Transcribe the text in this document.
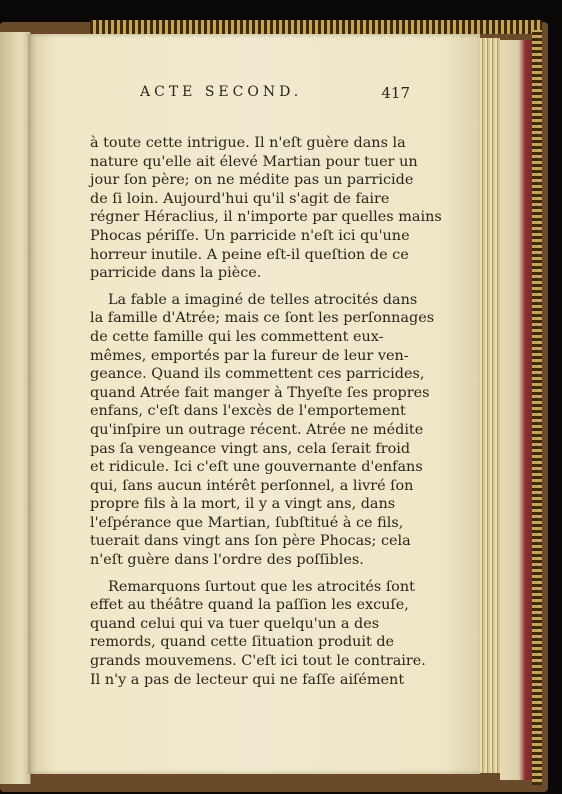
ACTE SECOND.	417
à toute cette intrigue. Il n'eſt guère dans la
nature qu'elle ait élevé Martian pour tuer un
jour ſon père; on ne médite pas un parricide
de ſi loin. Aujourd'hui qu'il s'agit de faire
régner Héraclius, il n'importe par quelles mains
Phocas périſſe. Un parricide n'eſt ici qu'une
horreur inutile. A peine eſt-il queſtion de ce
parricide dans la pièce.
La fable a imaginé de telles atrocités dans
la famille d'Atrée; mais ce ſont les perſonnages
de cette famille qui les commettent eux-
mêmes, emportés par la fureur de leur ven-
geance. Quand ils commettent ces parricides,
quand Atrée fait manger à Thyeſte ſes propres
enfans, c'eſt dans l'excès de l'emportement
qu'inſpire un outrage récent. Atrée ne médite
pas ſa vengeance vingt ans, cela ſerait froid
et ridicule. Ici c'eſt une gouvernante d'enfans
qui, ſans aucun intérêt perſonnel, a livré ſon
propre fils à la mort, il y a vingt ans, dans
l'eſpérance que Martian, ſubſtitué à ce fils,
tuerait dans vingt ans ſon père Phocas; cela
n'eſt guère dans l'ordre des poſſibles.
Remarquons ſurtout que les atrocités ſont
effet au théâtre quand la paſſion les excuſe,
quand celui qui va tuer quelqu'un a des
remords, quand cette ſituation produit de
grands mouvemens. C'eſt ici tout le contraire.
Il n'y a pas de lecteur qui ne faſſe aiſément
